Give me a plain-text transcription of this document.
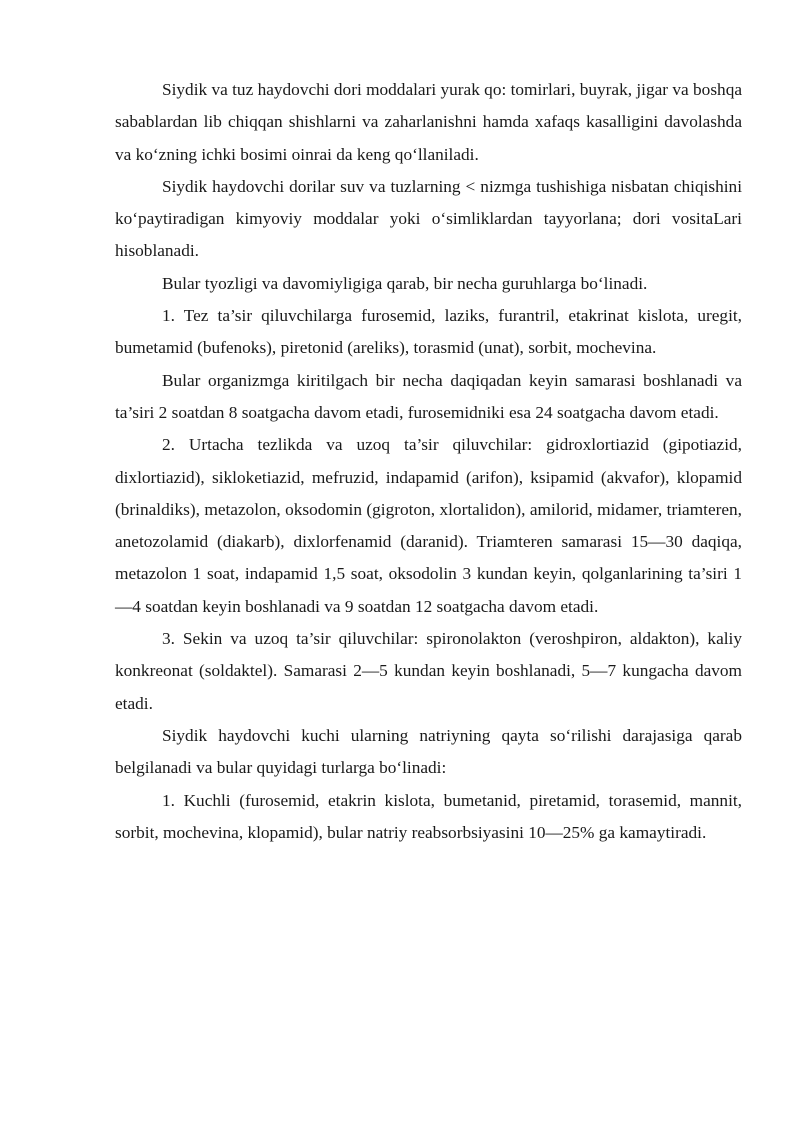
Siydik va tuz haydovchi dori moddalari yurak qo: tomirlari, buyrak, jigar va boshqa sabablardan lib chiqqan shishlarni va zaharlanishni hamda xafaqs kasalligini davolashda va ko‘zning ichki bosimi oinrai da keng qo‘llaniladi.

Siydik haydovchi dorilar suv va tuzlarning < nizmga tushishiga nisbatan chiqishini ko‘paytiradigan kimyoviy moddalar yoki o‘simliklardan tayyorlana; dori vositaLari hisoblanadi.

Bular tyozligi va davomiyligiga qarab, bir necha guruhlarga bo‘linadi.

1. Tez ta’sir qiluvchilarga furosemid, laziks, furantril, etakrinat kislota, uregit, bumetamid (bufenoks), piretonid (areliks), torasmid (unat), sorbit, mochevina.

Bular organizmga kiritilgach bir necha daqiqadan keyin samarasi boshlanadi va ta’siri 2 soatdan 8 soatgacha davom etadi, furosemidniki esa 24 soatgacha davom etadi.

2. Urtacha tezlikda va uzoq ta’sir qiluvchilar: gidroxlortiazid (gipotiazid, dixlortiazid), sikloketiazid, mefruzid, indapamid (arifon), ksipamid (akvafor), klopamid (brinaldiks), metazolon, oksodomin (gigroton, xlortalidon), amilorid, midamer, triamteren, anetozolamid (diakarb), dixlorfenamid (daranid). Triamteren samarasi 15—30 daqiqa, metazolon 1 soat, indapamid 1,5 soat, oksodolin 3 kundan keyin, qolganlarining ta’siri 1—4 soatdan keyin boshlanadi va 9 soatdan 12 soatgacha davom etadi.

3. Sekin va uzoq ta’sir qiluvchilar: spironolakton (veroshpiron, aldakton), kaliy konkreonat (soldaktel). Samarasi 2—5 kundan keyin boshlanadi, 5—7 kungacha davom etadi.

Siydik haydovchi kuchi ularning natriyning qayta so‘rilishi darajasiga qarab belgilanadi va bular quyidagi turlarga bo‘linadi:

1. Kuchli (furosemid, etakrin kislota, bumetanid, piretamid, torasemid, mannit, sorbit, mochevina, klopamid), bular natriy reabsorbsiyasini 10—25% ga kamaytiradi.
